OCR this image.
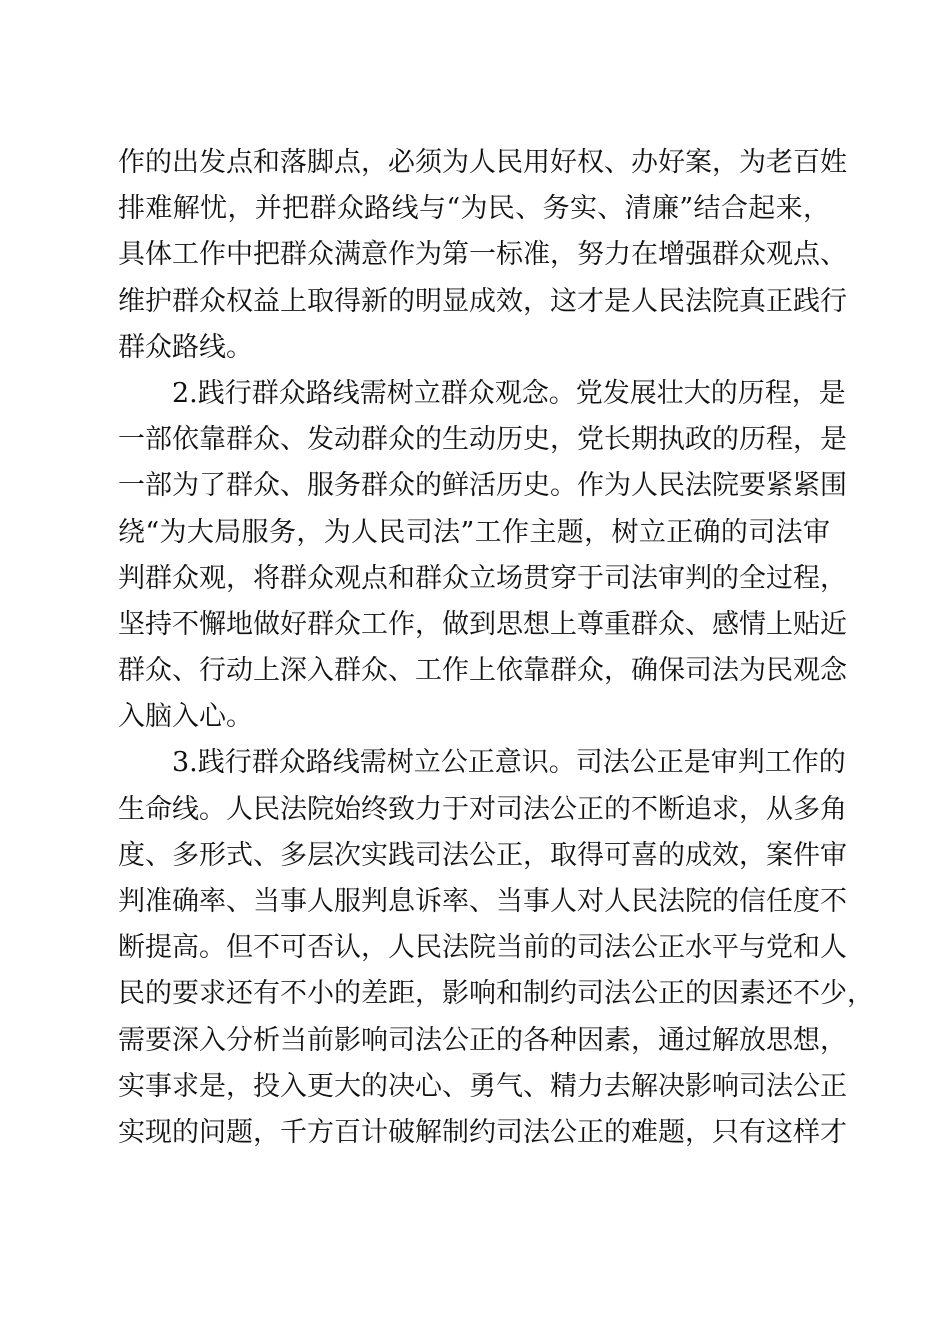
作的出发点和落脚点，必须为人民用好权、办好案，为老百姓
排难解忧，并把群众路线与“为民、务实、清廉”结合起来，
具体工作中把群众满意作为第一标准，努力在增强群众观点、
维护群众权益上取得新的明显成效，这才是人民法院真正践行
群众路线。
2.践行群众路线需树立群众观念。党发展壮大的历程，是
一部依靠群众、发动群众的生动历史，党长期执政的历程，是
一部为了群众、服务群众的鲜活历史。作为人民法院要紧紧围
绕“为大局服务，为人民司法”工作主题，树立正确的司法审
判群众观，将群众观点和群众立场贯穿于司法审判的全过程，
坚持不懈地做好群众工作，做到思想上尊重群众、感情上贴近
群众、行动上深入群众、工作上依靠群众，确保司法为民观念
入脑入心。
3.践行群众路线需树立公正意识。司法公正是审判工作的
生命线。人民法院始终致力于对司法公正的不断追求，从多角
度、多形式、多层次实践司法公正，取得可喜的成效，案件审
判准确率、当事人服判息诉率、当事人对人民法院的信任度不
断提高。但不可否认，人民法院当前的司法公正水平与党和人
民的要求还有不小的差距，影响和制约司法公正的因素还不少，
需要深入分析当前影响司法公正的各种因素，通过解放思想，
实事求是，投入更大的决心、勇气、精力去解决影响司法公正
实现的问题，千方百计破解制约司法公正的难题，只有这样才
